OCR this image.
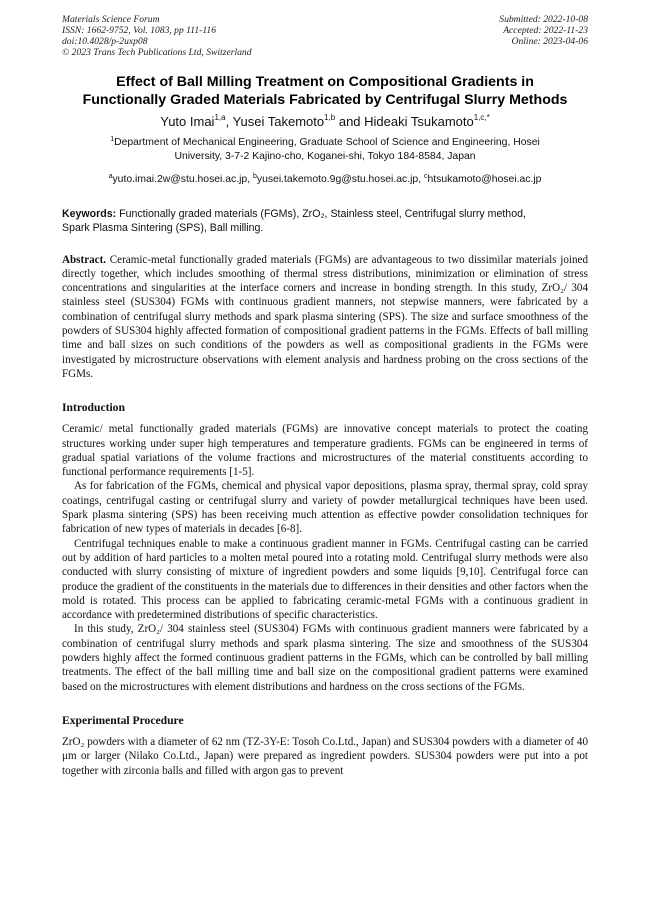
Materials Science Forum
ISSN: 1662-9752, Vol. 1083, pp 111-116
doi:10.4028/p-2uxp08
© 2023 Trans Tech Publications Ltd, Switzerland
Submitted: 2022-10-08
Accepted: 2022-11-23
Online: 2023-04-06
Effect of Ball Milling Treatment on Compositional Gradients in
Functionally Graded Materials Fabricated by Centrifugal Slurry Methods
Yuto Imai$^{1,a}$, Yusei Takemoto$^{1,b}$ and Hideaki Tsukamoto$^{1,c,*}$
$^1$Department of Mechanical Engineering, Graduate School of Science and Engineering, Hosei
University, 3-7-2 Kajino-cho, Koganei-shi, Tokyo 184-8584, Japan
$^a$yuto.imai.2w@stu.hosei.ac.jp, $^b$yusei.takemoto.9g@stu.hosei.ac.jp, $^c$htsukamoto@hosei.ac.jp
Keywords: Functionally graded materials (FGMs), ZrO₂, Stainless steel, Centrifugal slurry method,
Spark Plasma Sintering (SPS), Ball milling.
Abstract. Ceramic-metal functionally graded materials (FGMs) are advantageous to two dissimilar materials joined directly together, which includes smoothing of thermal stress distributions, minimization or elimination of stress concentrations and singularities at the interface corners and increase in bonding strength. In this study, ZrO₂/ 304 stainless steel (SUS304) FGMs with continuous gradient manners, not stepwise manners, were fabricated by a combination of centrifugal slurry methods and spark plasma sintering (SPS). The size and surface smoothness of the powders of SUS304 highly affected formation of compositional gradient patterns in the FGMs. Effects of ball milling time and ball sizes on such conditions of the powders as well as compositional gradients in the FGMs were investigated by microstructure observations with element analysis and hardness probing on the cross sections of the FGMs.
Introduction

Ceramic/ metal functionally graded materials (FGMs) are innovative concept materials to protect the coating structures working under super high temperatures and temperature gradients. FGMs can be engineered in terms of gradual spatial variations of the volume fractions and microstructures of the material constituents according to functional performance requirements [1-5].

As for fabrication of the FGMs, chemical and physical vapor depositions, plasma spray, thermal spray, cold spray coatings, centrifugal casting or centrifugal slurry and variety of powder metallurgical techniques have been used. Spark plasma sintering (SPS) has been receiving much attention as effective powder consolidation techniques for fabrication of new types of materials in decades [6-8].

Centrifugal techniques enable to make a continuous gradient manner in FGMs. Centrifugal casting can be carried out by addition of hard particles to a molten metal poured into a rotating mold. Centrifugal slurry methods were also conducted with slurry consisting of mixture of ingredient powders and some liquids [9,10]. Centrifugal force can produce the gradient of the constituents in the materials due to differences in their densities and other factors when the mold is rotated. This process can be applied to fabricating ceramic-metal FGMs with a continuous gradient in accordance with predetermined distributions of specific characteristics.

In this study, ZrO₂/ 304 stainless steel (SUS304) FGMs with continuous gradient manners were fabricated by a combination of centrifugal slurry methods and spark plasma sintering. The size and smoothness of the SUS304 powders highly affect the formed continuous gradient patterns in the FGMs, which can be controlled by ball milling treatments. The effect of the ball milling time and ball size on the compositional gradient patterns were examined based on the microstructures with element distributions and hardness on the cross sections of the FGMs.

Experimental Procedure

ZrO₂ powders with a diameter of 62 nm (TZ-3Y-E: Tosoh Co.Ltd., Japan) and SUS304 powders with a diameter of 40 μm or larger (Nilako Co.Ltd., Japan) were prepared as ingredient powders. SUS304 powders were put into a pot together with zirconia balls and filled with argon gas to prevent
